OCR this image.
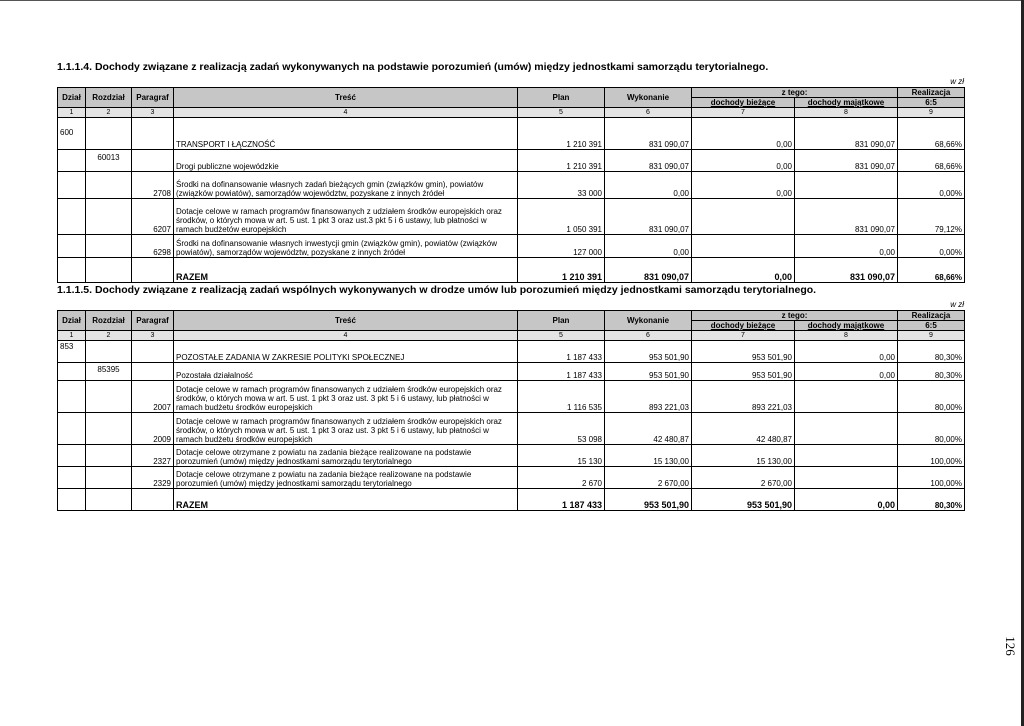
1.1.1.4. Dochody związane z realizacją zadań wykonywanych na podstawie porozumień (umów) między jednostkami samorządu terytorialnego.
w zł
Dział	Rozdział	Paragraf	Treść	Plan	Wykonanie	z tego:		Realizacja
						dochody bieżące	dochody majątkowe	6:5
1	2	3	4	5	6	7	8	9
600			TRANSPORT I ŁĄCZNOŚĆ	1 210 391	831 090,07	0,00	831 090,07	68,66%
	60013		Drogi publiczne wojewódzkie	1 210 391	831 090,07	0,00	831 090,07	68,66%
		2708	Środki na dofinansowanie własnych zadań bieżących gmin (związków gmin), powiatów (związków powiatów), samorządów województw, pozyskane z innych źródeł	33 000	0,00	0,00		0,00%
		6207	Dotacje celowe w ramach programów finansowanych z udziałem środków europejskich oraz środków, o których mowa w art. 5 ust. 1 pkt 3 oraz ust.3 pkt 5 i 6 ustawy, lub płatności w ramach budżetów europejskich	1 050 391	831 090,07		831 090,07	79,12%
		6298	Środki na dofinansowanie własnych inwestycji gmin (związków gmin), powiatów (związków powiatów), samorządów województw, pozyskane z innych źródeł	127 000	0,00		0,00	0,00%
			RAZEM	1 210 391	831 090,07	0,00	831 090,07	68,66%
1.1.1.5. Dochody związane z realizacją zadań wspólnych wykonywanych w drodze umów lub porozumień między jednostkami samorządu terytorialnego.
w zł
Dział	Rozdział	Paragraf	Treść	Plan	Wykonanie	z tego:		Realizacja
						dochody bieżące	dochody majątkowe	6:5
1	2	3	4	5	6	7	8	9
853			POZOSTAŁE ZADANIA W ZAKRESIE POLITYKI SPOŁECZNEJ	1 187 433	953 501,90	953 501,90	0,00	80,30%
	85395		Pozostała działalność	1 187 433	953 501,90	953 501,90	0,00	80,30%
		2007	Dotacje celowe w ramach programów finansowanych z udziałem środków europejskich oraz środków, o których mowa w art. 5 ust. 1 pkt 3 oraz ust. 3 pkt 5 i 6 ustawy, lub płatności w ramach budżetu środków europejskich	1 116 535	893 221,03	893 221,03		80,00%
		2009	Dotacje celowe w ramach programów finansowanych z udziałem środków europejskich oraz środków, o których mowa w art. 5 ust. 1 pkt 3 oraz ust. 3 pkt 5 i 6 ustawy, lub płatności w ramach budżetu środków europejskich	53 098	42 480,87	42 480,87		80,00%
		2327	Dotacje celowe otrzymane z powiatu na zadania bieżące realizowane na podstawie porozumień (umów) między jednostkami samorządu terytorialnego	15 130	15 130,00	15 130,00		100,00%
		2329	Dotacje celowe otrzymane z powiatu na zadania bieżące realizowane na podstawie porozumień (umów) między jednostkami samorządu terytorialnego	2 670	2 670,00	2 670,00		100,00%
			RAZEM	1 187 433	953 501,90	953 501,90	0,00	80,30%
126
